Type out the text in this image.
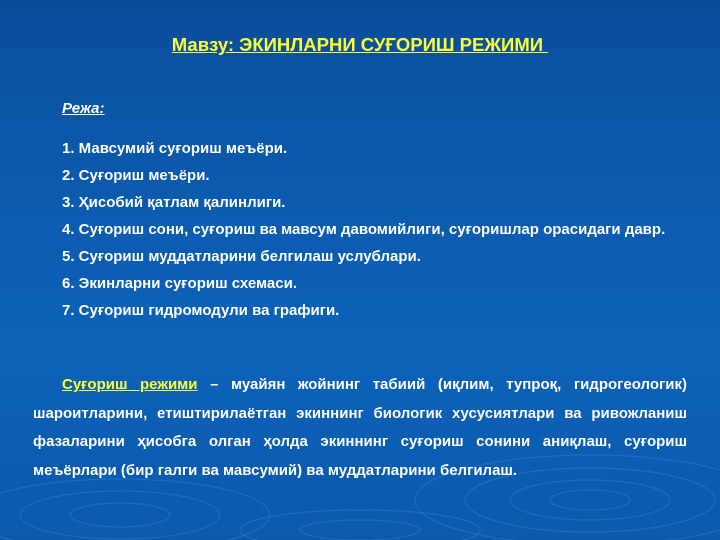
Мавзу: ЭКИНЛАРНИ СУҒОРИШ РЕЖИМИ
Режа:
1. Мавсумий суғориш меъёри.
2. Суғориш меъёри.
3. Ҳисобий қатлам қалинлиги.
4. Суғориш сони, суғориш ва мавсум давомийлиги, суғоришлар орасидаги давр.
5. Суғориш муддатларини белгилаш услублари.
6. Экинларни суғориш схемаси.
7. Суғориш гидромодули ва графиги.

Суғориш режими – муайян жойнинг табиий (иқлим, тупроқ, гидрогеологик) шароитларини, етиштирилаётган экиннинг биологик хусусиятлари ва ривожланиш фазаларини ҳисобга олган ҳолда экиннинг суғориш сонини аниқлаш, суғориш меъёрлари (бир галги ва мавсумий) ва муддатларини белгилаш.
